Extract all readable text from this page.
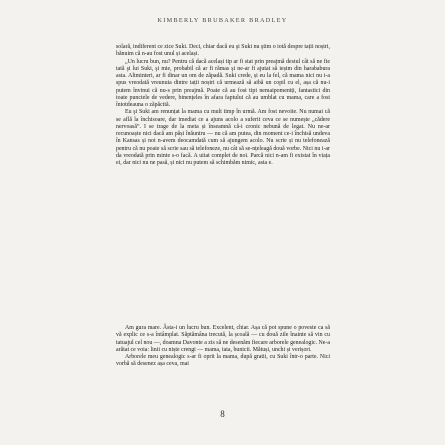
KIMBERLY BRUBAKER BRADLEY

solară, indiferent ce zice Suki. Deci, chiar dacă eu şi Suki nu ştim o iotă despre tații noștri, bănuim că n-au fost unul și același.

„Un lucru bun, nu? Pentru că dacă același tip ar fi stat prin preajmă destul cât să ne fie tată şi lui Suki, şi mie, probabil că ar fi rămas şi ne-ar fi ajutat să ieșim din harababura asta. Altminteri, ar fi dinar un om de zăpadă. Suki crede, și eu la fel, că mama nici nu i-a spus vreodată vreunuia dintre tații noștri că urmează să aibă un copil cu el, așa că nu-i putem învinui că nu-s prin preajmă. Poate că au fost tipi nemaipomeniți, fantastici din toate punctele de vedere, binențeles în afara faptului că au umblat cu mama, care a fost întotdeauna o zăpăcită.

Eu şi Suki am renunțat la mama cu mult timp în urmă. Am fost nevoite. Nu numai că se află la închisoare, dar imediat ce a ajuns acolo a suferit ceva ce se numește „cădere nervoasă”. I se trage de la meta și înseamnă că-i cronic nebună de legat. Nu ne-ar recunoaște nici dacă am păși înăuntru — nu că am putea, din moment ce-i închisă undeva în Kansas și noi n-avem deocamdată cum să ajungem acolo. Nu scrie și nu telefonează pentru că nu poate să scrie sau să telefoneze, nu cât să se-nțeleagă două vorbe. Nici nu i-ar da vreodată prin minte s-o facă. A uitat complet de noi. Parcă nici n-am fi existat în viața ei, dar nici nu ne pasă, și nici nu putem să schimbăm nimic, asta e.

Am gura mare. Ăsta-i un lucru bun. Excelent, chiar. Așa că pot spune o poveste ca să vă explic ce s-a întâmplat. Săptămâna trecută, la școală — cu două zile înainte să vin cu tatuajul cel nou —, doamna Davonte a zis să ne desenăm fiecare arborele genealogic. Ne-a arătat ce voia: linii cu niște crengi — mama, tata, bunicii. Mătuși, unchi și verișori.

Arborele meu genealogic s-ar fi oprit la mama, după gratii, cu Suki într-o parte. Nici vorbă să desenez așa ceva, mai

8
